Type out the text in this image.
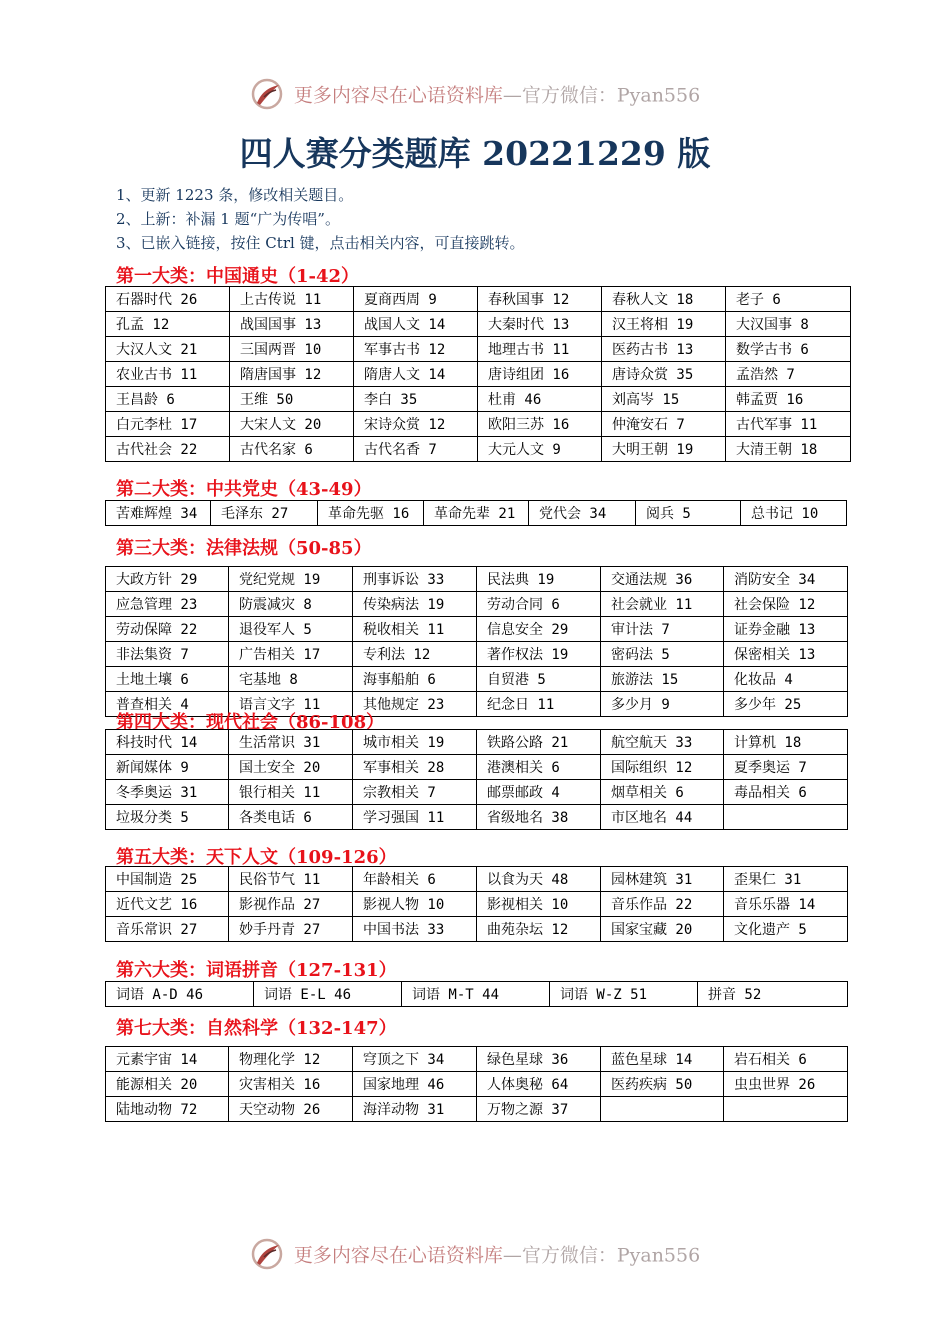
更多内容尽在心语资料库—官方微信：Pyan556
四人赛分类题库 20221229 版
1、更新 1223 条，修改相关题目。
2、上新：补漏 1 题“广为传唱”。
3、已嵌入链接，按住 Ctrl 键，点击相关内容，可直接跳转。
第一大类：中国通史（1-42）
石器时代 26	上古传说 11	夏商西周 9	春秋国事 12	春秋人文 18	老子 6
孔孟 12	战国国事 13	战国人文 14	大秦时代 13	汉王将相 19	大汉国事 8
大汉人文 21	三国两晋 10	军事古书 12	地理古书 11	医药古书 13	数学古书 6
农业古书 11	隋唐国事 12	隋唐人文 14	唐诗组团 16	唐诗众赏 35	孟浩然 7
王昌龄 6	王维 50	李白 35	杜甫 46	刘高岑 15	韩孟贾 16
白元李杜 17	大宋人文 20	宋诗众赏 12	欧阳三苏 16	仲淹安石 7	古代军事 11
古代社会 22	古代名家 6	古代名香 7	大元人文 9	大明王朝 19	大清王朝 18
第二大类：中共党史（43-49）
苦难辉煌 34	毛泽东 27	革命先驱 16	革命先辈 21	党代会 34	阅兵 5	总书记 10
第三大类：法律法规（50-85）
大政方针 29	党纪党规 19	刑事诉讼 33	民法典 19	交通法规 36	消防安全 34
应急管理 23	防震减灾 8	传染病法 19	劳动合同 6	社会就业 11	社会保险 12
劳动保障 22	退役军人 5	税收相关 11	信息安全 29	审计法 7	证券金融 13
非法集资 7	广告相关 17	专利法 12	著作权法 19	密码法 5	保密相关 13
土地土壤 6	宅基地 8	海事船舶 6	自贸港 5	旅游法 15	化妆品 4
普查相关 4	语言文字 11	其他规定 23	纪念日 11	多少月 9	多少年 25
第四大类：现代社会（86-108）
科技时代 14	生活常识 31	城市相关 19	铁路公路 21	航空航天 33	计算机 18
新闻媒体 9	国土安全 20	军事相关 28	港澳相关 6	国际组织 12	夏季奥运 7
冬季奥运 31	银行相关 11	宗教相关 7	邮票邮政 4	烟草相关 6	毒品相关 6
垃圾分类 5	各类电话 6	学习强国 11	省级地名 38	市区地名 44	
第五大类：天下人文（109-126）
中国制造 25	民俗节气 11	年龄相关 6	以食为天 48	园林建筑 31	歪果仁 31
近代文艺 16	影视作品 27	影视人物 10	影视相关 10	音乐作品 22	音乐乐器 14
音乐常识 27	妙手丹青 27	中国书法 33	曲苑杂坛 12	国家宝藏 20	文化遗产 5
第六大类：词语拼音（127-131）
词语 A-D 46	词语 E-L 46	词语 M-T 44	词语 W-Z 51	拼音 52
第七大类：自然科学（132-147）
元素宇宙 14	物理化学 12	穹顶之下 34	绿色星球 36	蓝色星球 14	岩石相关 6
能源相关 20	灾害相关 16	国家地理 46	人体奥秘 64	医药疾病 50	虫虫世界 26
陆地动物 72	天空动物 26	海洋动物 31	万物之源 37		
更多内容尽在心语资料库—官方微信：Pyan556
